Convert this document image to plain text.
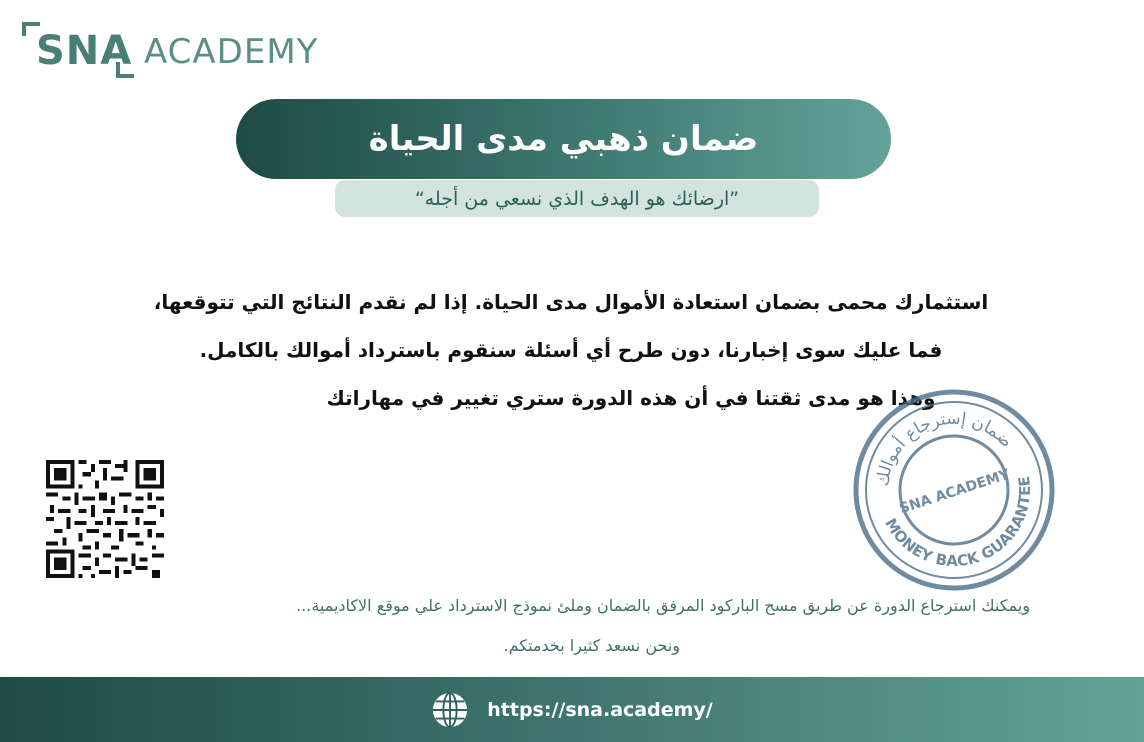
SNA ACADEMY
ضمان ذهبي مدى الحياة
”ارضائك هو الهدف الذي نسعي من أجله“
استثمارك محمى بضمان استعادة الأموال مدى الحياة. إذا لم نقدم النتائج التي تتوقعها،
فما عليك سوى إخبارنا، دون طرح أي أسئلة سنقوم باسترداد أموالك بالكامل.
وهذا هو مدى ثقتنا في أن هذه الدورة ستري تغيير في مهاراتك
ضمان إسترجاع أموالك
MONEY BACK GUARANTEE
SNA ACADEMY
ويمكنك استرجاع الدورة عن طريق مسح الباركود المرفق بالضمان وملئ نموذج الاسترداد علي موقع الاكاديمية...
ونحن نسعد كثيرا بخدمتكم.
https://sna.academy/
